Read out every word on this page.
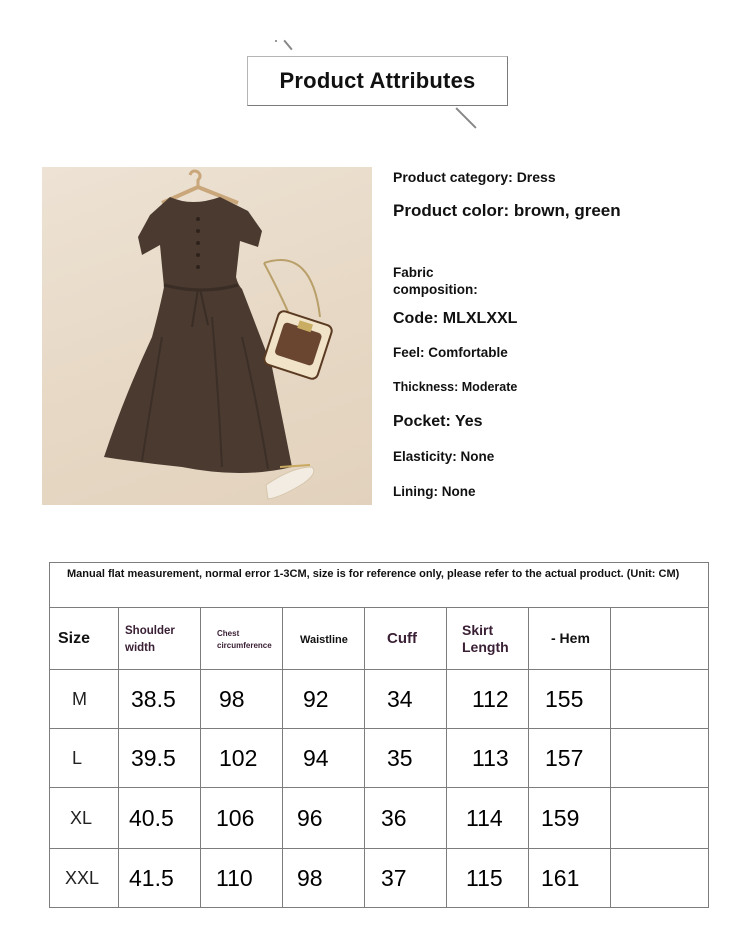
Product Attributes
Product category: Dress
Product color: brown, green
Fabric
composition:
Code: MLXLXXL
Feel: Comfortable
Thickness: Moderate
Pocket: Yes
Elasticity: None
Lining: None
Manual flat measurement, normal error 1-3CM, size is for reference only, please refer to the actual product. (Unit: CM)							
Size	Shoulder width	Chest circumference	Waistline	Cuff	Skirt Length	- Hem	
M	38.5	98	92	34	112	155	
L	39.5	102	94	35	113	157	
XL	40.5	106	96	36	114	159	
XXL	41.5	110	98	37	115	161	
